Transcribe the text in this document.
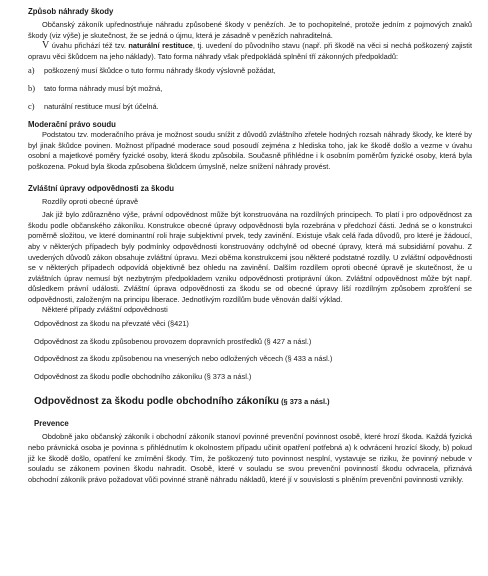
Způsob náhrady škody

Občanský zákoník upřednostňuje náhradu způsobené škody v penězích. Je to pochopitelné, protože jedním z pojmových znaků škody (viz výše) je skutečnost, že se jedná o újmu, která je zásadně v penězích nahraditelná.

V úvahu přichází též tzv. naturální restituce, tj. uvedení do původního stavu (např. při škodě na věci si nechá poškozený zajistit opravu věci škůdcem na jeho náklady). Tato forma náhrady však předpokládá splnění tří zákonných předpokladů:

a)	poškozený musí škůdce o tuto formu náhrady škody výslovně požádat,
b)	tato forma náhrady musí být možná,
c)	naturální restituce musí být účelná.
Moderační právo soudu

Podstatou tzv. moderačního práva je možnost soudu snížit z důvodů zvláštního zřetele hodných rozsah náhrady škody, ke které by byl jinak škůdce povinen. Možnost případné moderace soud posoudí zejména z hlediska toho, jak ke škodě došlo a vezme v úvahu osobní a majetkové poměry fyzické osoby, která škodu způsobila. Současně přihlédne i k osobním poměrům fyzické osoby, která byla poškozena. Pokud byla škoda způsobena škůdcem úmyslně, nelze snížení náhrady provést.

Zvláštní úpravy odpovědnosti za škodu

Rozdíly oproti obecné úpravě

Jak již bylo zdůrazněno výše, právní odpovědnost může být konstruována na rozdílných principech. To platí i pro odpovědnost za škodu podle občanského zákoníku. Konstrukce obecné úpravy odpovědnosti byla rozebrána v předchozí části. Jedná se o konstrukci poměrně složitou, ve které dominantní roli hraje subjektivní prvek, tedy zavinění. Existuje však celá řada důvodů, pro které je žádoucí, aby v některých případech byly podmínky odpovědnosti konstruovány odchylně od obecné úpravy, která má subsidiární povahu. Z uvedených důvodů zákon obsahuje zvláštní úpravu. Mezi oběma konstrukcemi jsou některé podstatné rozdíly. U zvláštní odpovědnosti se v některých případech odpovídá objektivně bez ohledu na zavinění. Dalším rozdílem oproti obecné úpravě je skutečnost, že u zvláštních úprav nemusí být nezbytným předpokladem vzniku odpovědnosti protiprávní úkon. Zvláštní odpovědnost může být např. důsledkem právní události. Zvláštní úprava odpovědnosti za škodu se od obecné úpravy liší rozdílným způsobem zprošťení se odpovědnosti, založeným na principu liberace. Jednotlivým rozdílům bude věnován další výklad.

Některé případy zvláštní odpovědnosti

Odpovědnost za škodu na převzaté věci (§421)
Odpovědnost za škodu způsobenou provozem dopravních prostředků (§ 427 a násl.)
Odpovědnost za škodu způsobenou na vnesených nebo odložených věcech (§ 433 a násl.)
Odpovědnost za škodu podle obchodního zákoníku (§ 373 a násl.)
Odpovědnost za škodu podle obchodního zákoníku (§ 373 a násl.)
Prevence

Obdobně jako občanský zákoník i obchodní zákoník stanoví povinné prevenční povinnost osobě, které hrozí škoda. Každá fyzická nebo právnická osoba je povinna s přihlédnutím k okolnostem případu učinit opatření potřebná a) k odvrácení hrozící škody, b) pokud již ke škodě došlo, opatření ke zmírnění škody. Tím, že poškozený tuto povinnost nesplní, vystavuje se riziku, že povinný nebude v souladu se zákonem povinen škodu nahradit. Osobě, které v souladu se svou prevenční povinností škodu odvracela, přiznává obchodní zákoník právo požadovat vůči povinné straně náhradu nákladů, které jí v souvislosti s plněním prevenční povinnosti vznikly.
